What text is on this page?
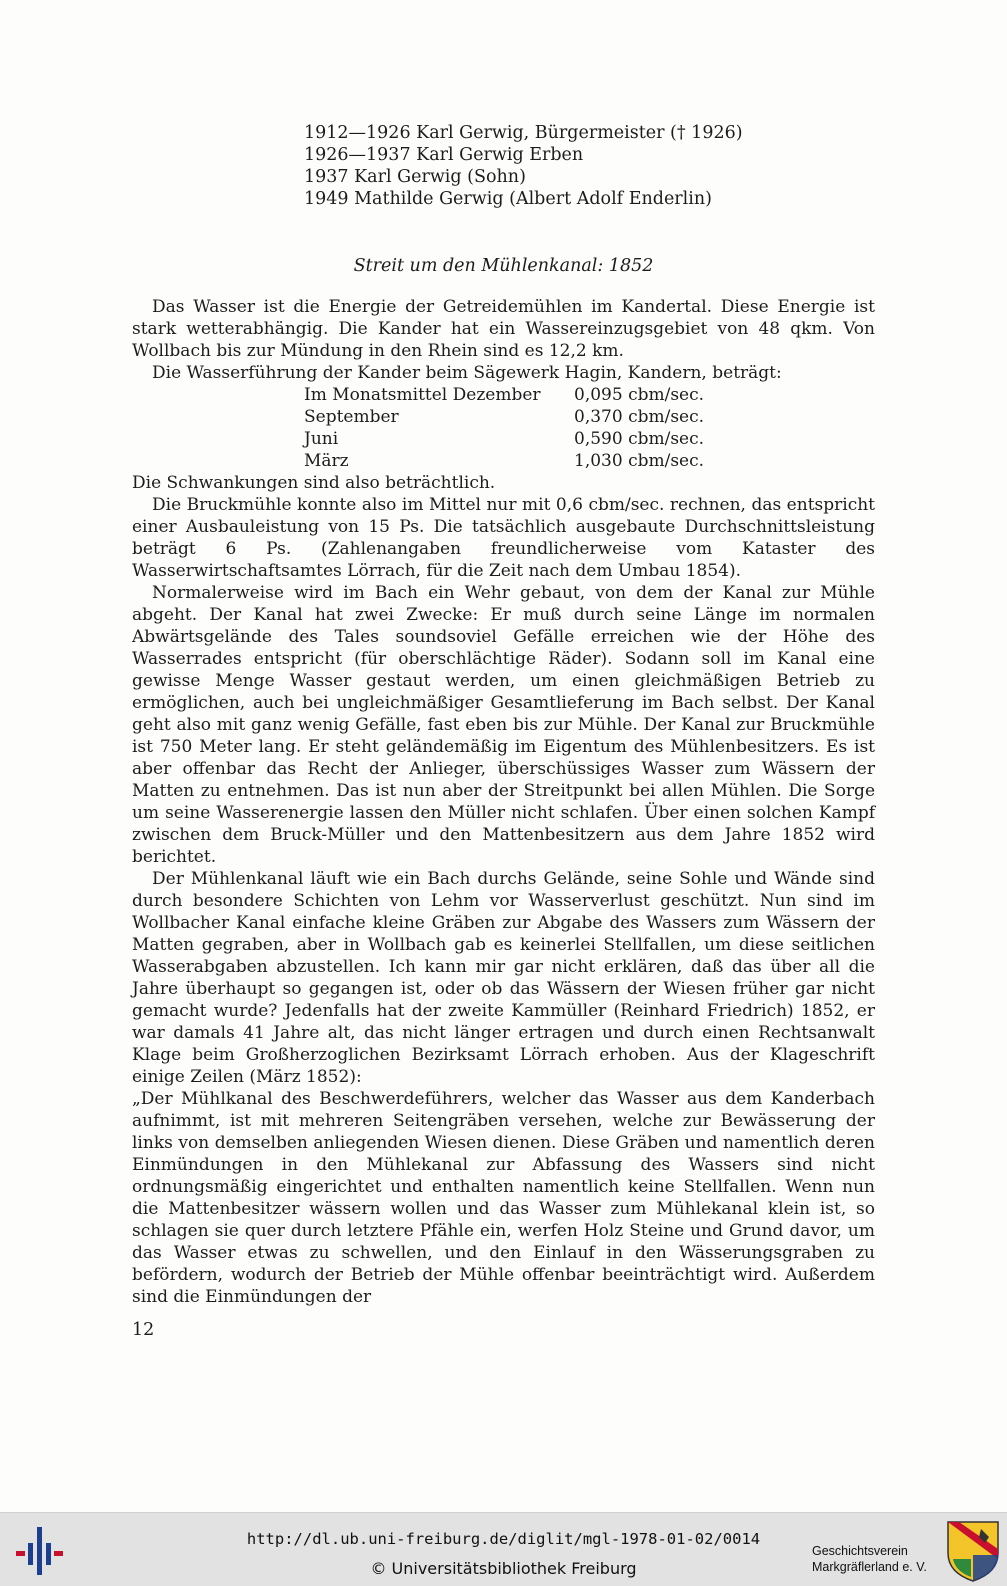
1912—1926 Karl Gerwig, Bürgermeister († 1926)
1926—1937 Karl Gerwig Erben
1937 Karl Gerwig (Sohn)
1949 Mathilde Gerwig (Albert Adolf Enderlin)
Streit um den Mühlenkanal: 1852

Das Wasser ist die Energie der Getreidemühlen im Kandertal. Diese Energie ist stark wetterabhängig. Die Kander hat ein Wassereinzugsgebiet von 48 qkm. Von Wollbach bis zur Mündung in den Rhein sind es 12,2 km.

Die Wasserführung der Kander beim Sägewerk Hagin, Kandern, beträgt:

Im Monatsmittel Dezember	0,095 cbm/sec.
September	0,370 cbm/sec.
Juni	0,590 cbm/sec.
März	1,030 cbm/sec.

Die Schwankungen sind also beträchtlich.

Die Bruckmühle konnte also im Mittel nur mit 0,6 cbm/sec. rechnen, das entspricht einer Ausbauleistung von 15 Ps. Die tatsächlich ausgebaute Durchschnittsleistung beträgt 6 Ps. (Zahlenangaben freundlicherweise vom Kataster des Wasserwirtschaftsamtes Lörrach, für die Zeit nach dem Umbau 1854).

Normalerweise wird im Bach ein Wehr gebaut, von dem der Kanal zur Mühle abgeht. Der Kanal hat zwei Zwecke: Er muß durch seine Länge im normalen Abwärtsgelände des Tales soundsoviel Gefälle erreichen wie der Höhe des Wasserrades entspricht (für oberschlächtige Räder). Sodann soll im Kanal eine gewisse Menge Wasser gestaut werden, um einen gleichmäßigen Betrieb zu ermöglichen, auch bei ungleichmäßiger Gesamtlieferung im Bach selbst. Der Kanal geht also mit ganz wenig Gefälle, fast eben bis zur Mühle. Der Kanal zur Bruckmühle ist 750 Meter lang. Er steht geländemäßig im Eigentum des Mühlenbesitzers. Es ist aber offenbar das Recht der Anlieger, überschüssiges Wasser zum Wässern der Matten zu entnehmen. Das ist nun aber der Streitpunkt bei allen Mühlen. Die Sorge um seine Wasserenergie lassen den Müller nicht schlafen. Über einen solchen Kampf zwischen dem Bruck-Müller und den Mattenbesitzern aus dem Jahre 1852 wird berichtet.

Der Mühlenkanal läuft wie ein Bach durchs Gelände, seine Sohle und Wände sind durch besondere Schichten von Lehm vor Wasserverlust geschützt. Nun sind im Wollbacher Kanal einfache kleine Gräben zur Abgabe des Wassers zum Wässern der Matten gegraben, aber in Wollbach gab es keinerlei Stellfallen, um diese seitlichen Wasserabgaben abzustellen. Ich kann mir gar nicht erklären, daß das über all die Jahre überhaupt so gegangen ist, oder ob das Wässern der Wiesen früher gar nicht gemacht wurde? Jedenfalls hat der zweite Kammüller (Reinhard Friedrich) 1852, er war damals 41 Jahre alt, das nicht länger ertragen und durch einen Rechtsanwalt Klage beim Großherzoglichen Bezirksamt Lörrach erhoben. Aus der Klageschrift einige Zeilen (März 1852):

„Der Mühlkanal des Beschwerdeführers, welcher das Wasser aus dem Kanderbach aufnimmt, ist mit mehreren Seitengräben versehen, welche zur Bewässerung der links von demselben anliegenden Wiesen dienen. Diese Gräben und namentlich deren Einmündungen in den Mühlekanal zur Abfassung des Wassers sind nicht ordnungsmäßig eingerichtet und enthalten namentlich keine Stellfallen. Wenn nun die Mattenbesitzer wässern wollen und das Wasser zum Mühlekanal klein ist, so schlagen sie quer durch letztere Pfähle ein, werfen Holz Steine und Grund davor, um das Wasser etwas zu schwellen, und den Einlauf in den Wässerungsgraben zu befördern, wodurch der Betrieb der Mühle offenbar beeinträchtigt wird. Außerdem sind die Einmündungen der

12
http://dl.ub.uni-freiburg.de/diglit/mgl-1978-01-02/0014
© Universitätsbibliothek Freiburg
Geschichtsverein
Markgräflerland e. V.
